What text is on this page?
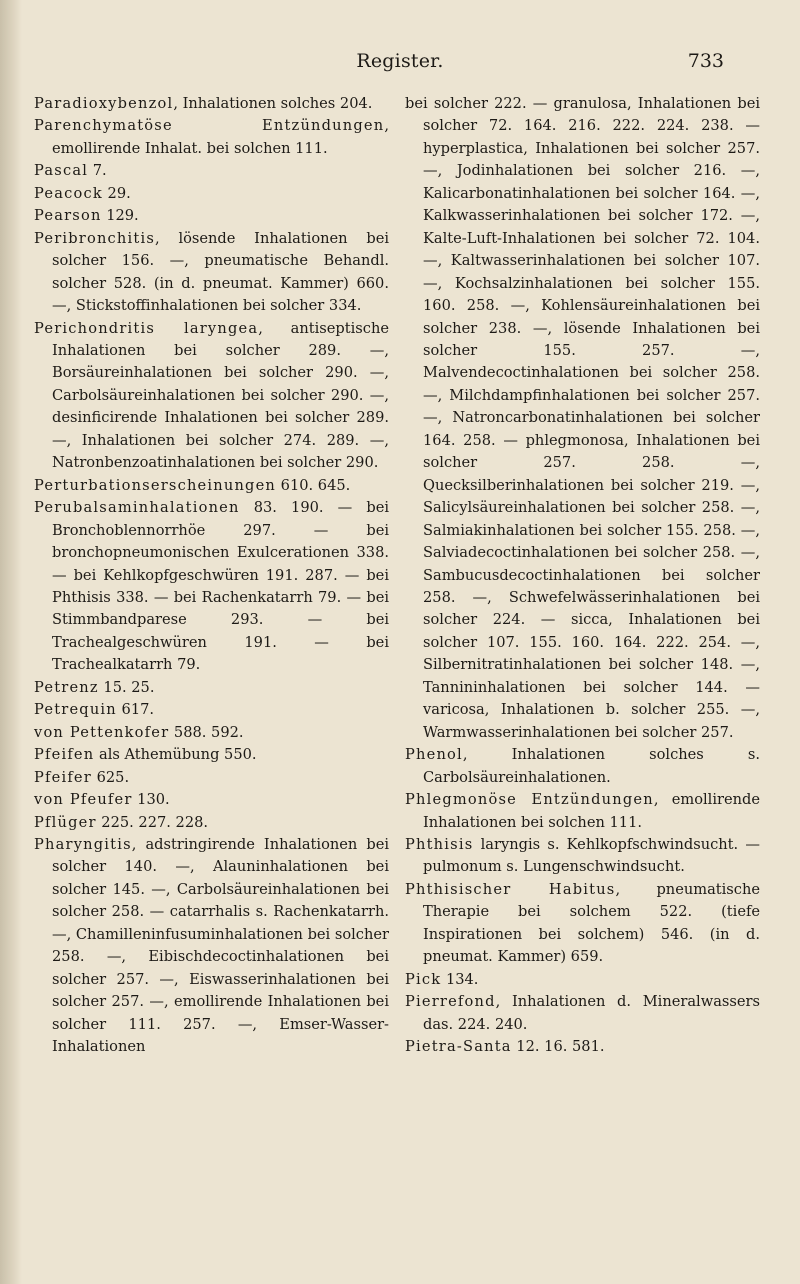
Register.	733

Paradioxybenzol, Inhalationen solches 204.

Parenchymatöse Entzündungen, emollirende Inhalat. bei solchen 111.

Pascal 7.

Peacock 29.

Pearson 129.

Peribronchitis, lösende Inhalationen bei solcher 156. —, pneumatische Behandl. solcher 528. (in d. pneumat. Kammer) 660. —, Stickstoffinhalationen bei solcher 334.

Perichondritis laryngea, antiseptische Inhalationen bei solcher 289. —, Borsäureinhalationen bei solcher 290. —, Carbolsäureinhalationen bei solcher 290. —, desinficirende Inhalationen bei solcher 289. —, Inhalationen bei solcher 274. 289. —, Natronbenzoatinhalationen bei solcher 290.

Perturbationserscheinungen 610. 645.

Perubalsaminhalationen 83. 190. — bei Bronchoblennorrhöe 297. — bei bronchopneumonischen Exulcerationen 338. — bei Kehlkopfgeschwüren 191. 287. — bei Phthisis 338. — bei Rachenkatarrh 79. — bei Stimmbandparese 293. — bei Trachealgeschwüren 191. — bei Trachealkatarrh 79.

Petrenz 15. 25.

Petrequin 617.

von Pettenkofer 588. 592.

Pfeifen als Athemübung 550.

Pfeifer 625.

von Pfeufer 130.

Pflüger 225. 227. 228.

Pharyngitis, adstringirende Inhalationen bei solcher 140. —, Alauninhalationen bei solcher 145. —, Carbolsäureinhalationen bei solcher 258. — catarrhalis s. Rachenkatarrh. —, Chamilleninfusuminhalationen bei solcher 258. —, Eibischdecoctinhalationen bei solcher 257. —, Eiswasserinhalationen bei solcher 257. —, emollirende Inhalationen bei solcher 111. 257. —, Emser-Wasser-Inhalationen

bei solcher 222. — granulosa, Inhalationen bei solcher 72. 164. 216. 222. 224. 238. — hyperplastica, Inhalationen bei solcher 257. —, Jodinhalationen bei solcher 216. —, Kalicarbonatinhalationen bei solcher 164. —, Kalkwasserinhalationen bei solcher 172. —, Kalte-Luft-Inhalationen bei solcher 72. 104. —, Kaltwasserinhalationen bei solcher 107. —, Kochsalzinhalationen bei solcher 155. 160. 258. —, Kohlensäureinhalationen bei solcher 238. —, lösende Inhalationen bei solcher 155. 257. —, Malvendecoctinhalationen bei solcher 258. —, Milchdampfinhalationen bei solcher 257. —, Natroncarbonatinhalationen bei solcher 164. 258. — phlegmonosa, Inhalationen bei solcher 257. 258. —, Quecksilberinhalationen bei solcher 219. —, Salicylsäureinhalationen bei solcher 258. —, Salmiakinhalationen bei solcher 155. 258. —, Salviadecoctinhalationen bei solcher 258. —, Sambucusdecoctinhalationen bei solcher 258. —, Schwefelwässerinhalationen bei solcher 224. — sicca, Inhalationen bei solcher 107. 155. 160. 164. 222. 254. —, Silbernitratinhalationen bei solcher 148. —, Tannininhalationen bei solcher 144. — varicosa, Inhalationen b. solcher 255. —, Warmwasserinhalationen bei solcher 257.

Phenol, Inhalationen solches s. Carbolsäureinhalationen.

Phlegmonöse Entzündungen, emollirende Inhalationen bei solchen 111.

Phthisis laryngis s. Kehlkopfschwindsucht. — pulmonum s. Lungenschwindsucht.

Phthisischer Habitus, pneumatische Therapie bei solchem 522. (tiefe Inspirationen bei solchem) 546. (in d. pneumat. Kammer) 659.

Pick 134.

Pierrefond, Inhalationen d. Mineralwassers das. 224. 240.

Pietra-Santa 12. 16. 581.
